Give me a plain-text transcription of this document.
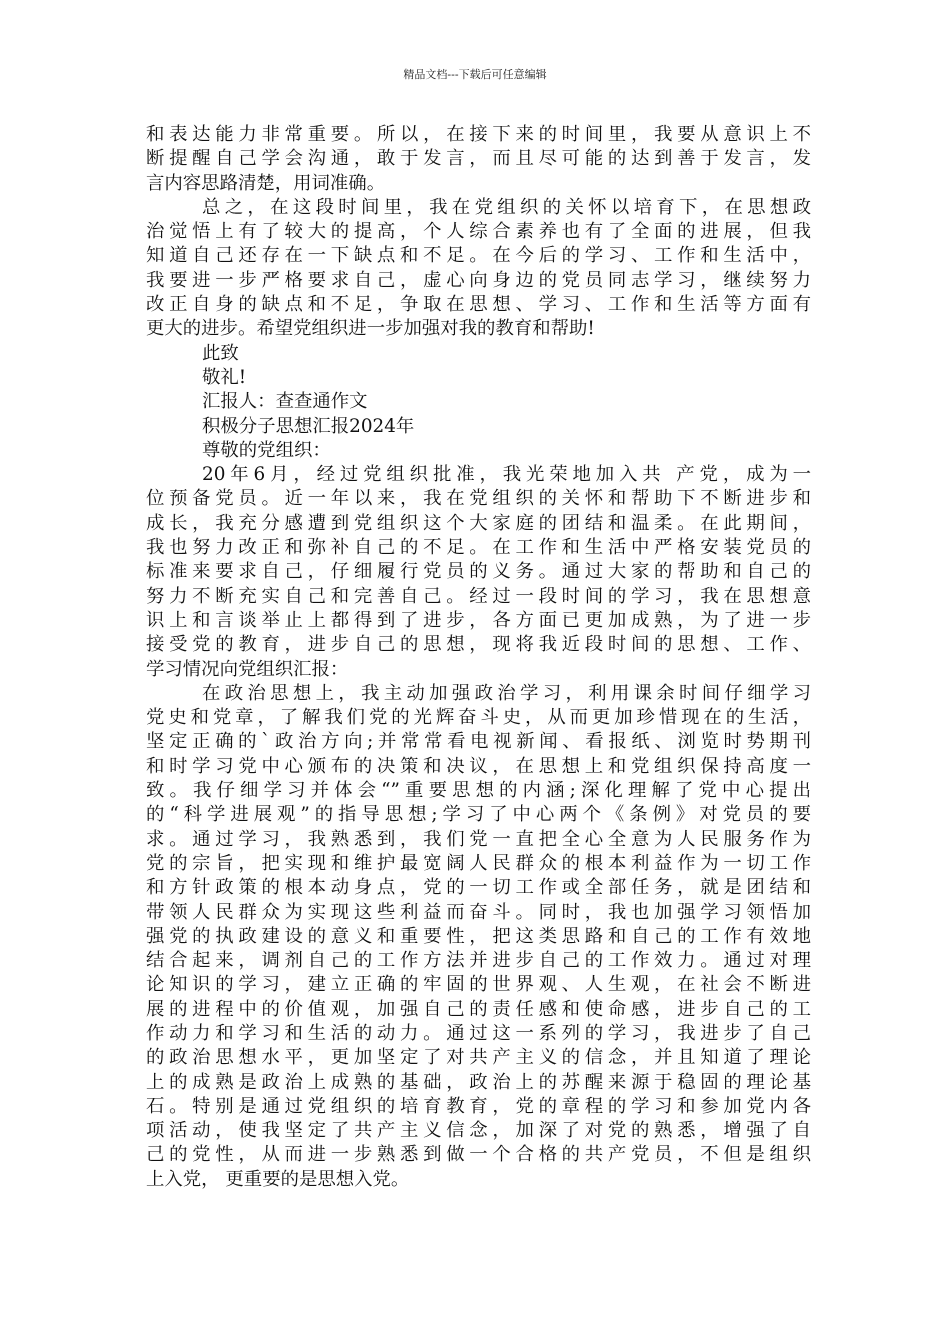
精品文档---下载后可任意编辑
和表达能力非常重要。所以，在接下来的时间里，我要从意识上不
断提醒自己学会沟通，敢于发言，而且尽可能的达到善于发言，发
言内容思路清楚，用词准确。
总之，在这段时间里，我在党组织的关怀以培育下，在思想政
治觉悟上有了较大的提高，个人综合素养也有了全面的进展，但我
知道自己还存在一下缺点和不足。在今后的学习、工作和生活中，
我要进一步严格要求自己，虚心向身边的党员同志学习，继续努力
改正自身的缺点和不足，争取在思想、学习、工作和生活等方面有
更大的进步。希望党组织进一步加强对我的教育和帮助!
此致
敬礼!
汇报人：查查通作文
积极分子思想汇报2024年
尊敬的党组织：
20年6月，经过党组织批准，我光荣地加入共 产党，成为一
位预备党员。近一年以来，我在党组织的关怀和帮助下不断进步和
成长，我充分感遭到党组织这个大家庭的团结和温柔。在此期间，
我也努力改正和弥补自己的不足。在工作和生活中严格安装党员的
标准来要求自己，仔细履行党员的义务。通过大家的帮助和自己的
努力不断充实自己和完善自己。经过一段时间的学习，我在思想意
识上和言谈举止上都得到了进步，各方面已更加成熟，为了进一步
接受党的教育，进步自己的思想，现将我近段时间的思想、工作、
学习情况向党组织汇报：
在政治思想上，我主动加强政治学习，利用课余时间仔细学习
党史和党章，了解我们党的光辉奋斗史，从而更加珍惜现在的生活，
坚定正确的`政治方向;并常常看电视新闻、看报纸、浏览时势期刊
和时学习党中心颁布的决策和决议，在思想上和党组织保持高度一
致。我仔细学习并体会“”重要思想的内涵;深化理解了党中心提出
的“科学进展观”的指导思想;学习了中心两个《条例》对党员的要
求。通过学习，我熟悉到，我们党一直把全心全意为人民服务作为
党的宗旨，把实现和维护最宽阔人民群众的根本利益作为一切工作
和方针政策的根本动身点，党的一切工作或全部任务，就是团结和
带领人民群众为实现这些利益而奋斗。同时，我也加强学习领悟加
强党的执政建设的意义和重要性，把这类思路和自己的工作有效地
结合起来，调剂自己的工作方法并进步自己的工作效力。通过对理
论知识的学习，建立正确的牢固的世界观、人生观，在社会不断进
展的进程中的价值观，加强自己的责任感和使命感，进步自己的工
作动力和学习和生活的动力。通过这一系列的学习，我进步了自己
的政治思想水平，更加坚定了对共产主义的信念，并且知道了理论
上的成熟是政治上成熟的基础，政治上的苏醒来源于稳固的理论基
石。特别是通过党组织的培育教育，党的章程的学习和参加党内各
项活动，使我坚定了共产主义信念，加深了对党的熟悉，增强了自
己的党性，从而进一步熟悉到做一个合格的共产党员，不但是组织
上入党， 更重要的是思想入党。
